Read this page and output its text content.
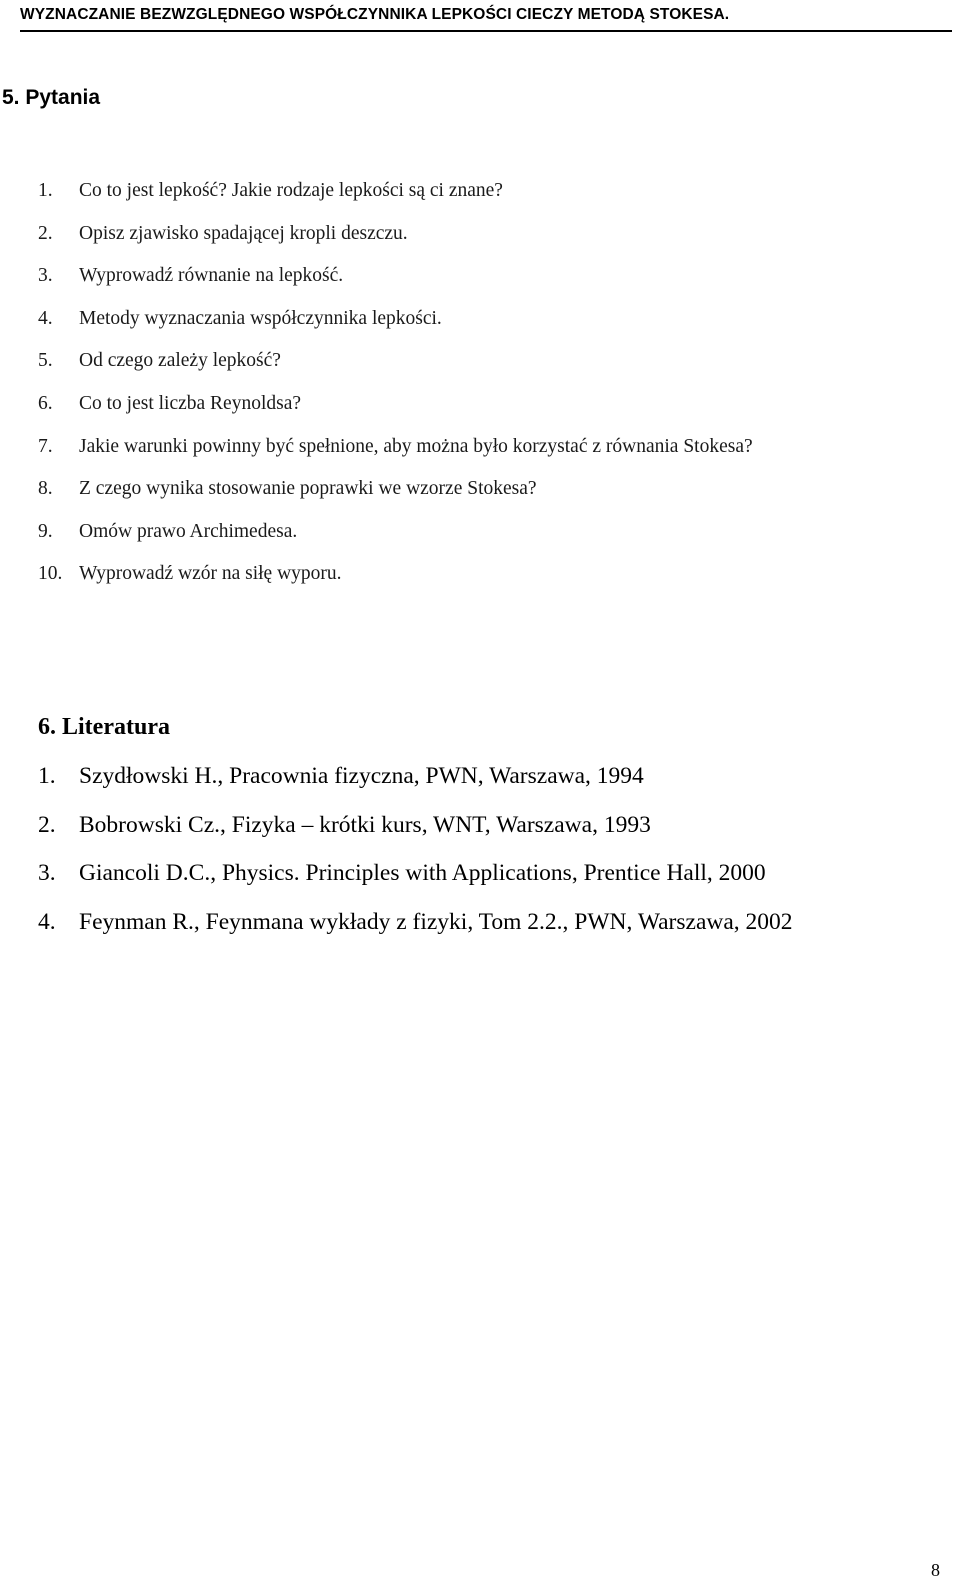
WYZNACZANIE BEZWZGLĘDNEGO WSPÓŁCZYNNIKA LEPKOŚCI CIECZY METODĄ STOKESA.
5. Pytania
1. Co to jest lepkość? Jakie rodzaje lepkości są ci znane?
2. Opisz zjawisko spadającej kropli deszczu.
3. Wyprowadź równanie na lepkość.
4. Metody wyznaczania współczynnika lepkości.
5. Od czego zależy lepkość?
6. Co to jest liczba Reynoldsa?
7. Jakie warunki powinny być spełnione, aby można było korzystać z równania Stokesa?
8. Z czego wynika stosowanie poprawki we wzorze Stokesa?
9. Omów prawo Archimedesa.
10. Wyprowadź wzór na siłę wyporu.
6. Literatura
1. Szydłowski H., Pracownia fizyczna, PWN, Warszawa, 1994
2. Bobrowski Cz., Fizyka – krótki kurs, WNT, Warszawa, 1993
3. Giancoli D.C., Physics. Principles with Applications, Prentice Hall, 2000
4. Feynman R., Feynmana wykłady z fizyki, Tom 2.2., PWN, Warszawa, 2002
8
